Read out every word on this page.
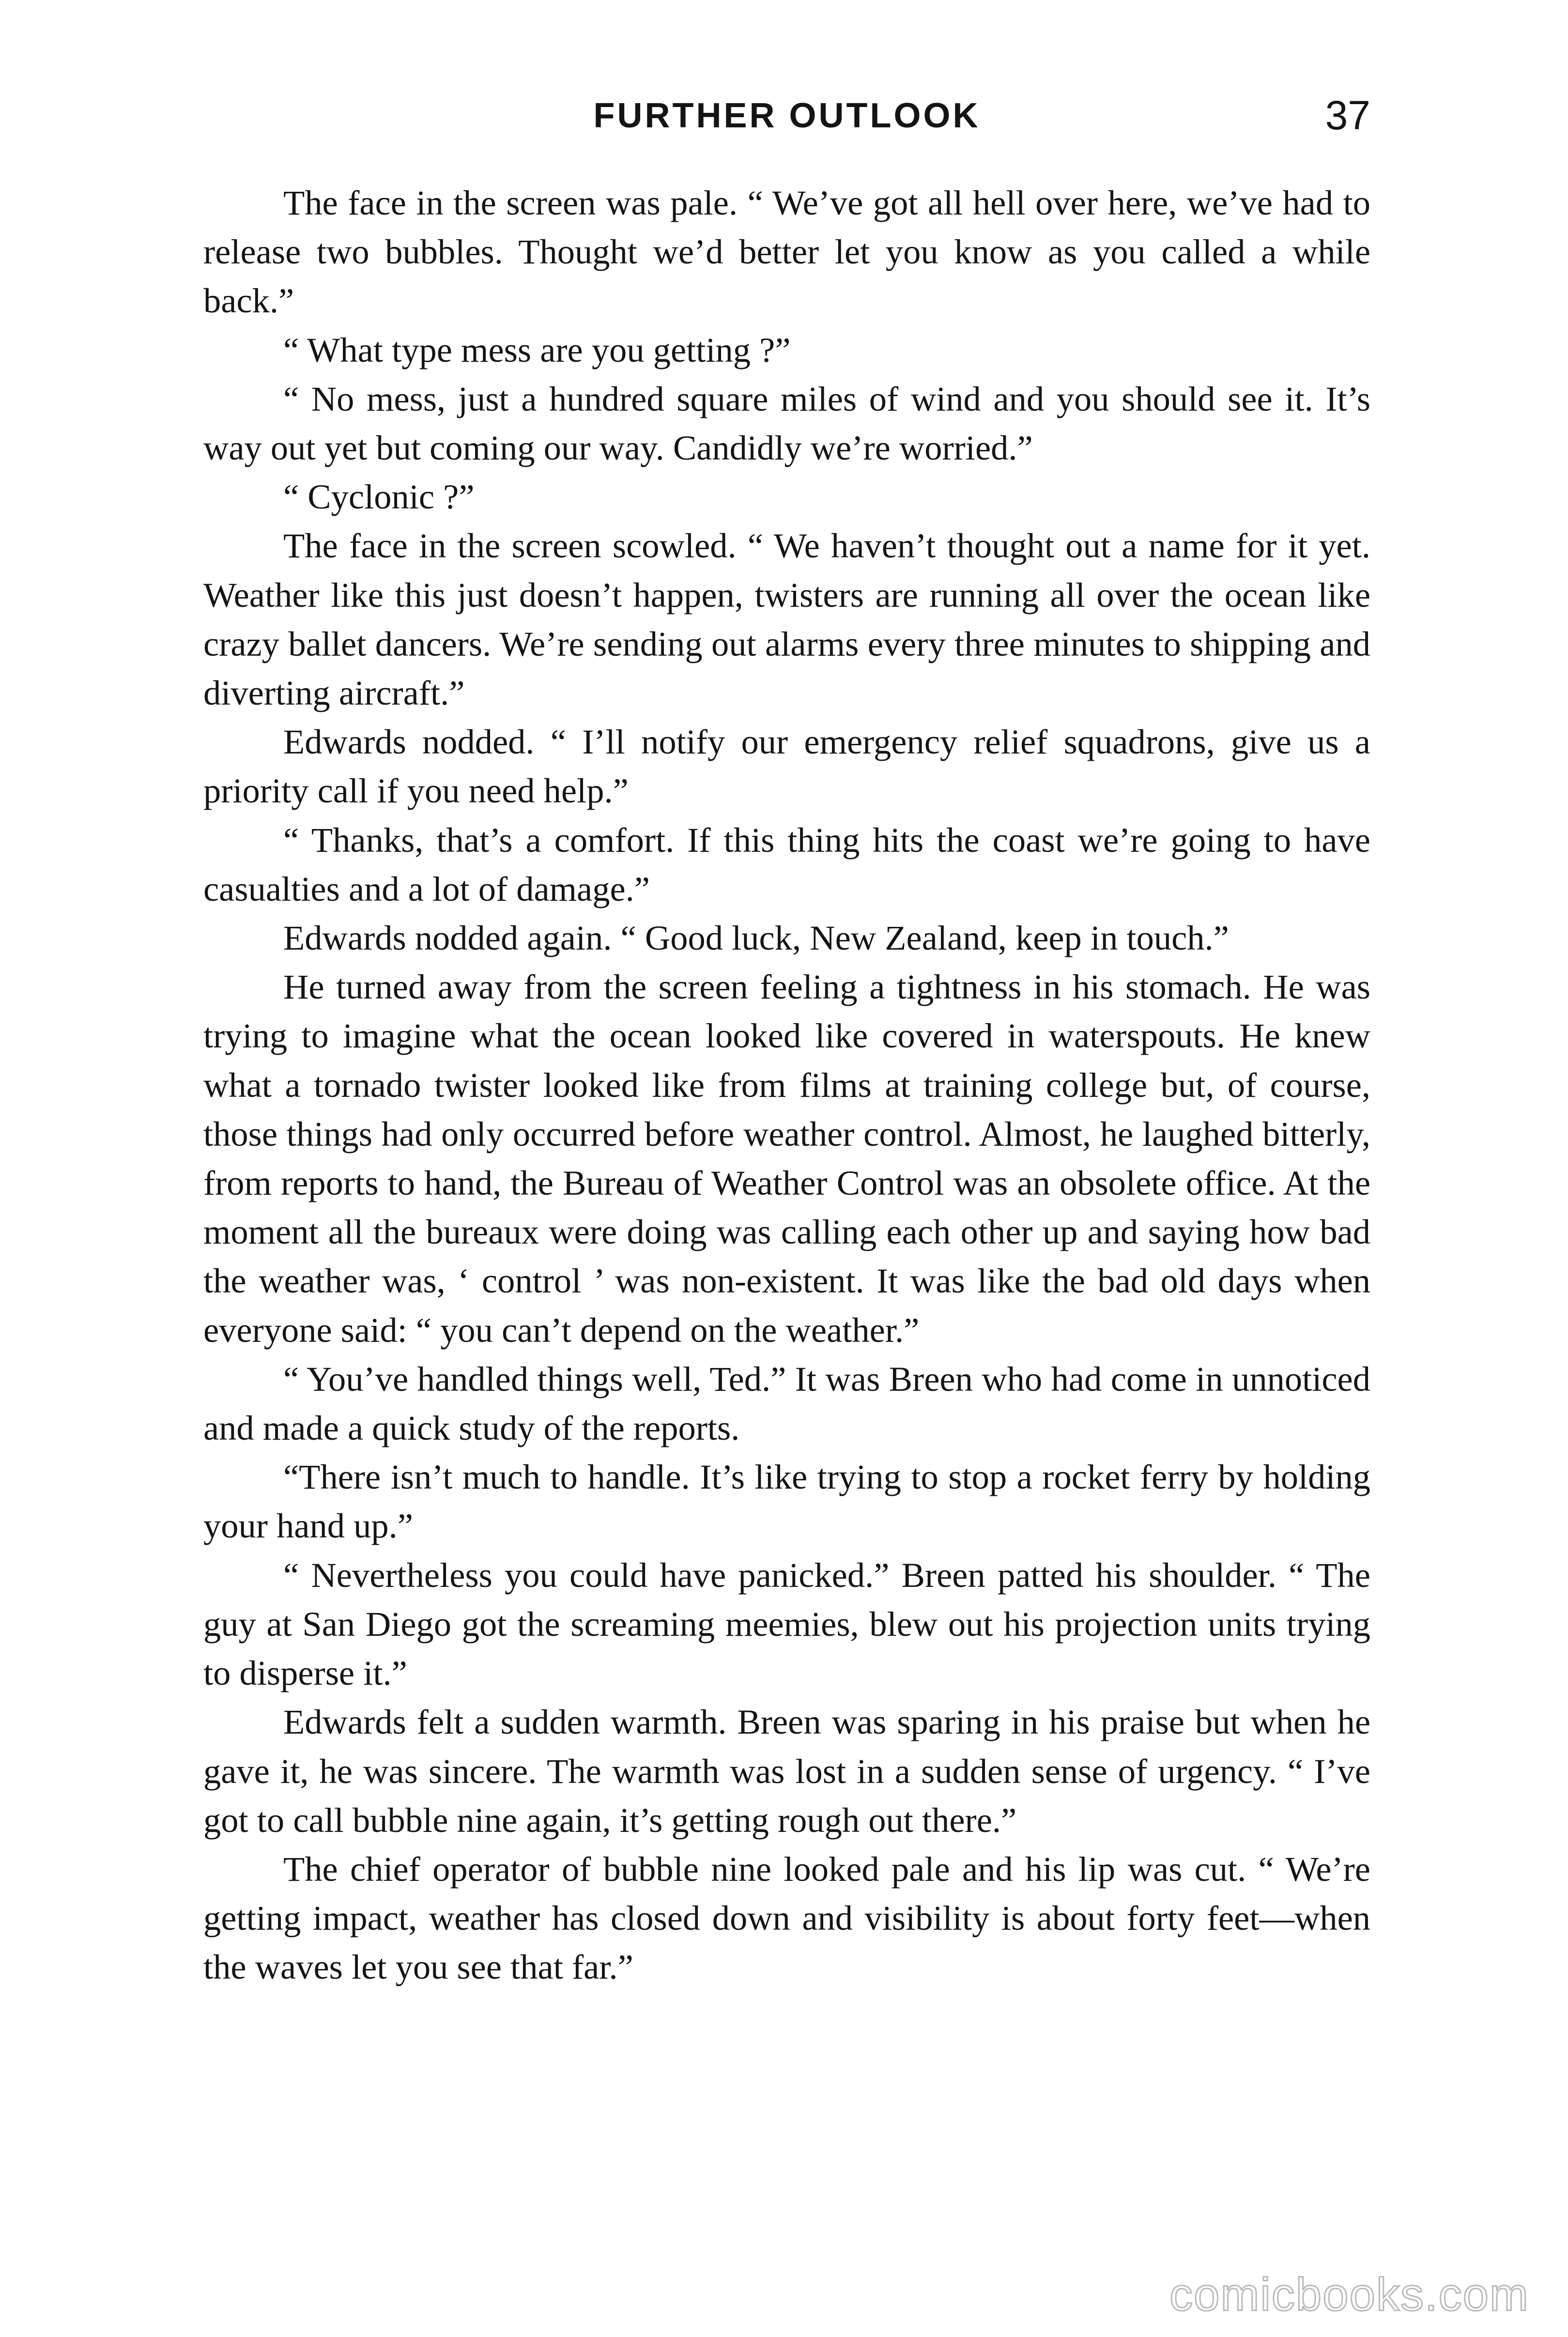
FURTHER OUTLOOK	37

The face in the screen was pale. “ We’ve got all hell over here, we’ve had to release two bubbles. Thought we’d better let you know as you called a while back.”

“ What type mess are you getting ?”

“ No mess, just a hundred square miles of wind and you should see it. It’s way out yet but coming our way. Candidly we’re worried.”

“ Cyclonic ?”

The face in the screen scowled. “ We haven’t thought out a name for it yet. Weather like this just doesn’t happen, twisters are running all over the ocean like crazy ballet dancers. We’re sending out alarms every three minutes to shipping and diverting aircraft.”

Edwards nodded. “ I’ll notify our emergency relief squadrons, give us a priority call if you need help.”

“ Thanks, that’s a comfort. If this thing hits the coast we’re going to have casualties and a lot of damage.”

Edwards nodded again. “ Good luck, New Zealand, keep in touch.”

He turned away from the screen feeling a tightness in his stomach. He was trying to imagine what the ocean looked like covered in waterspouts. He knew what a tornado twister looked like from films at training college but, of course, those things had only occurred before weather control. Almost, he laughed bitterly, from reports to hand, the Bureau of Weather Control was an obsolete office. At the moment all the bureaux were doing was calling each other up and saying how bad the weather was, ‘ control ’ was non-existent. It was like the bad old days when everyone said: “ you can’t depend on the weather.”

“ You’ve handled things well, Ted.” It was Breen who had come in unnoticed and made a quick study of the reports.

“There isn’t much to handle. It’s like trying to stop a rocket ferry by holding your hand up.”

“ Nevertheless you could have panicked.” Breen patted his shoulder. “ The guy at San Diego got the screaming meemies, blew out his projection units trying to disperse it.”

Edwards felt a sudden warmth. Breen was sparing in his praise but when he gave it, he was sincere. The warmth was lost in a sudden sense of urgency. “ I’ve got to call bubble nine again, it’s getting rough out there.”

The chief operator of bubble nine looked pale and his lip was cut. “ We’re getting impact, weather has closed down and visibility is about forty feet—when the waves let you see that far.”

comicbooks.com
